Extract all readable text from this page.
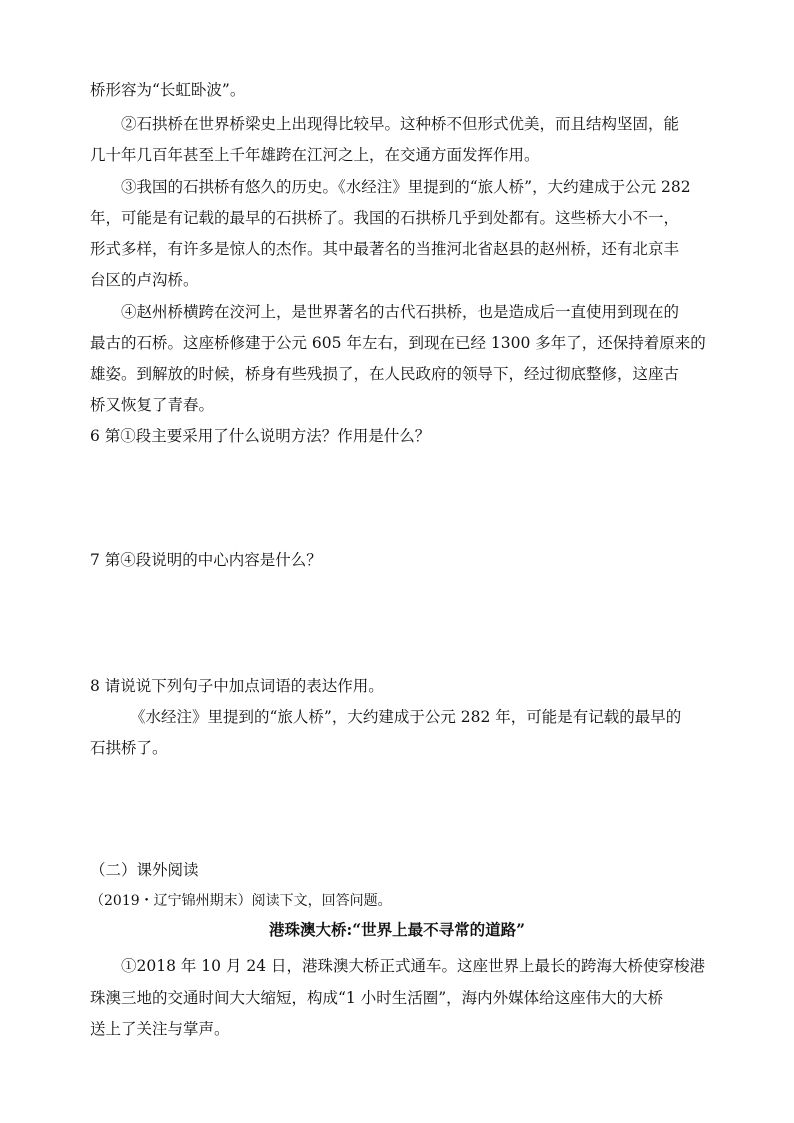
桥形容为“长虹卧波”。
②石拱桥在世界桥梁史上出现得比较早。这种桥不但形式优美，而且结构坚固，能
几十年几百年甚至上千年雄跨在江河之上，在交通方面发挥作用。
③我国的石拱桥有悠久的历史。《水经注》里提到的“旅人桥”，大约建成于公元 282
年，可能是有记载的最早的石拱桥了。我国的石拱桥几乎到处都有。这些桥大小不一，
形式多样，有许多是惊人的杰作。其中最著名的当推河北省赵县的赵州桥，还有北京丰
台区的卢沟桥。
④赵州桥横跨在洨河上，是世界著名的古代石拱桥，也是造成后一直使用到现在的
最古的石桥。这座桥修建于公元 605 年左右，到现在已经 1300 多年了，还保持着原来的
雄姿。到解放的时候，桥身有些残损了，在人民政府的领导下，经过彻底整修，这座古
桥又恢复了青春。
6 第①段主要采用了什么说明方法？作用是什么？
7 第④段说明的中心内容是什么？
8 请说说下列句子中加点词语的表达作用。
《水经注》里提到的“旅人桥”，大约建成于公元 282 年，可能是有记载的最早的
石拱桥了。
（二）课外阅读
（2019・辽宁锦州期末）阅读下文，回答问题。
港珠澳大桥:“世界上最不寻常的道路”
①2018 年 10 月 24 日，港珠澳大桥正式通车。这座世界上最长的跨海大桥使穿梭港
珠澳三地的交通时间大大缩短，构成“1 小时生活圈”，海内外媒体给这座伟大的大桥
送上了关注与掌声。
